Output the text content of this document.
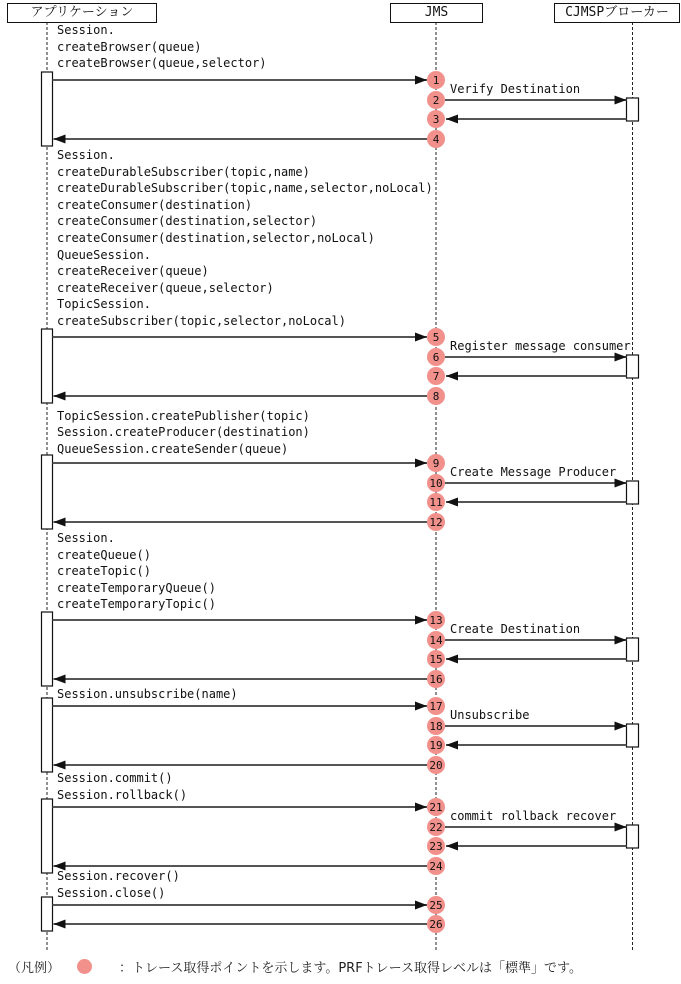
1
2
3
4
5
6
7
8
9
10
11
12
13
14
15
16
17
18
19
20
21
22
23
24
25
26
アプリケーション	JMS	CJMSPブローカー
Session.
createBrowser(queue)
createBrowser(queue,selector)
Verify Destination
Session.
createDurableSubscriber(topic,name)
createDurableSubscriber(topic,name,selector,noLocal)
createConsumer(destination)
createConsumer(destination,selector)
createConsumer(destination,selector,noLocal)
QueueSession.
createReceiver(queue)
createReceiver(queue,selector)
TopicSession.
createSubscriber(topic,selector,noLocal)
Register message consumer
TopicSession.createPublisher(topic)
Session.createProducer(destination)
QueueSession.createSender(queue)
Create Message Producer
Session.
createQueue()
createTopic()
createTemporaryQueue()
createTemporaryTopic()
Create Destination
Session.unsubscribe(name)
Unsubscribe
Session.commit()
Session.rollback()
commit rollback recover
Session.recover()
Session.close()
（凡例）	：トレース取得ポイントを示します。PRFトレース取得レベルは「標準」です。
